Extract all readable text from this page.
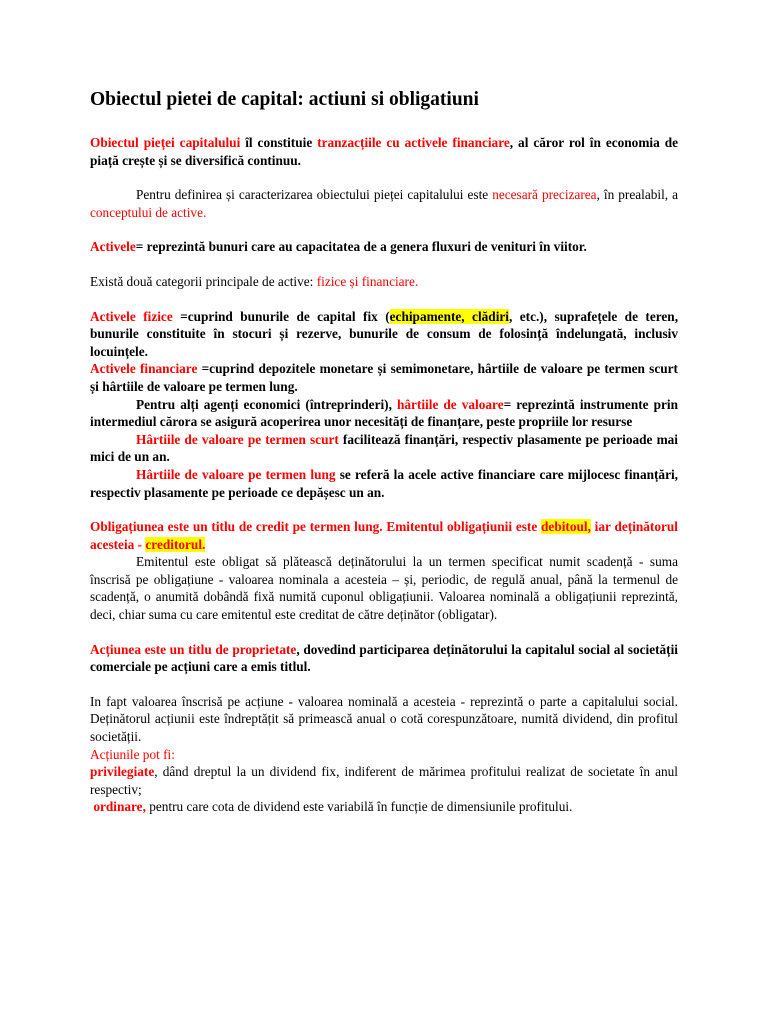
Obiectul pietei de capital: actiuni si obligatiuni

Obiectul pieței capitalului îl constituie tranzacțiile cu activele financiare, al căror rol în economia de piață crește și se diversifică continuu.

Pentru definirea și caracterizarea obiectului pieței capitalului este necesară precizarea, în prealabil, a conceptului de active.

Activele= reprezintă bunuri care au capacitatea de a genera fluxuri de venituri în viitor.

Există două categorii principale de active: fizice și financiare.

Activele fizice =cuprind bunurile de capital fix (echipamente, clădiri, etc.), suprafețele de teren, bunurile constituite în stocuri și rezerve, bunurile de consum de folosință îndelungată, inclusiv locuințele.

Activele financiare =cuprind depozitele monetare și semimonetare, hârtiile de valoare pe termen scurt și hârtiile de valoare pe termen lung.

Pentru alți agenți economici (întreprinderi), hârtiile de valoare= reprezintă instrumente prin intermediul cărora se asigură acoperirea unor necesități de finanțare, peste propriile lor resurse

Hârtiile de valoare pe termen scurt facilitează finanțări, respectiv plasamente pe perioade mai mici de un an.

Hârtiile de valoare pe termen lung se referă la acele active financiare care mijlocesc finanțări, respectiv plasamente pe perioade ce depășesc un an.

Obligațiunea este un titlu de credit pe termen lung. Emitentul obligațiunii este debitoul, iar deținătorul acesteia - creditorul.

Emitentul este obligat să plătească deținătorului la un termen specificat numit scadență - suma înscrisă pe obligațiune - valoarea nominala a acesteia – și, periodic, de regulă anual, până la termenul de scadență, o anumită dobândă fixă numită cuponul obligațiunii. Valoarea nominală a obligațiunii reprezintă, deci, chiar suma cu care emitentul este creditat de către deținător (obligatar).

Acțiunea este un titlu de proprietate, dovedind participarea deținătorului la capitalul social al societății comerciale pe acțiuni care a emis titlul.

In fapt valoarea înscrisă pe acțiune - valoarea nominală a acesteia - reprezintă o parte a capitalului social. Deținătorul acțiunii este îndreptățit să primească anual o cotă corespunzătoare, numită dividend, din profitul societății.

Acțiunile pot fi:

privilegiate, dând dreptul la un dividend fix, indiferent de mărimea profitului realizat de societate în anul respectiv;

ordinare, pentru care cota de dividend este variabilă în funcție de dimensiunile profitului.
